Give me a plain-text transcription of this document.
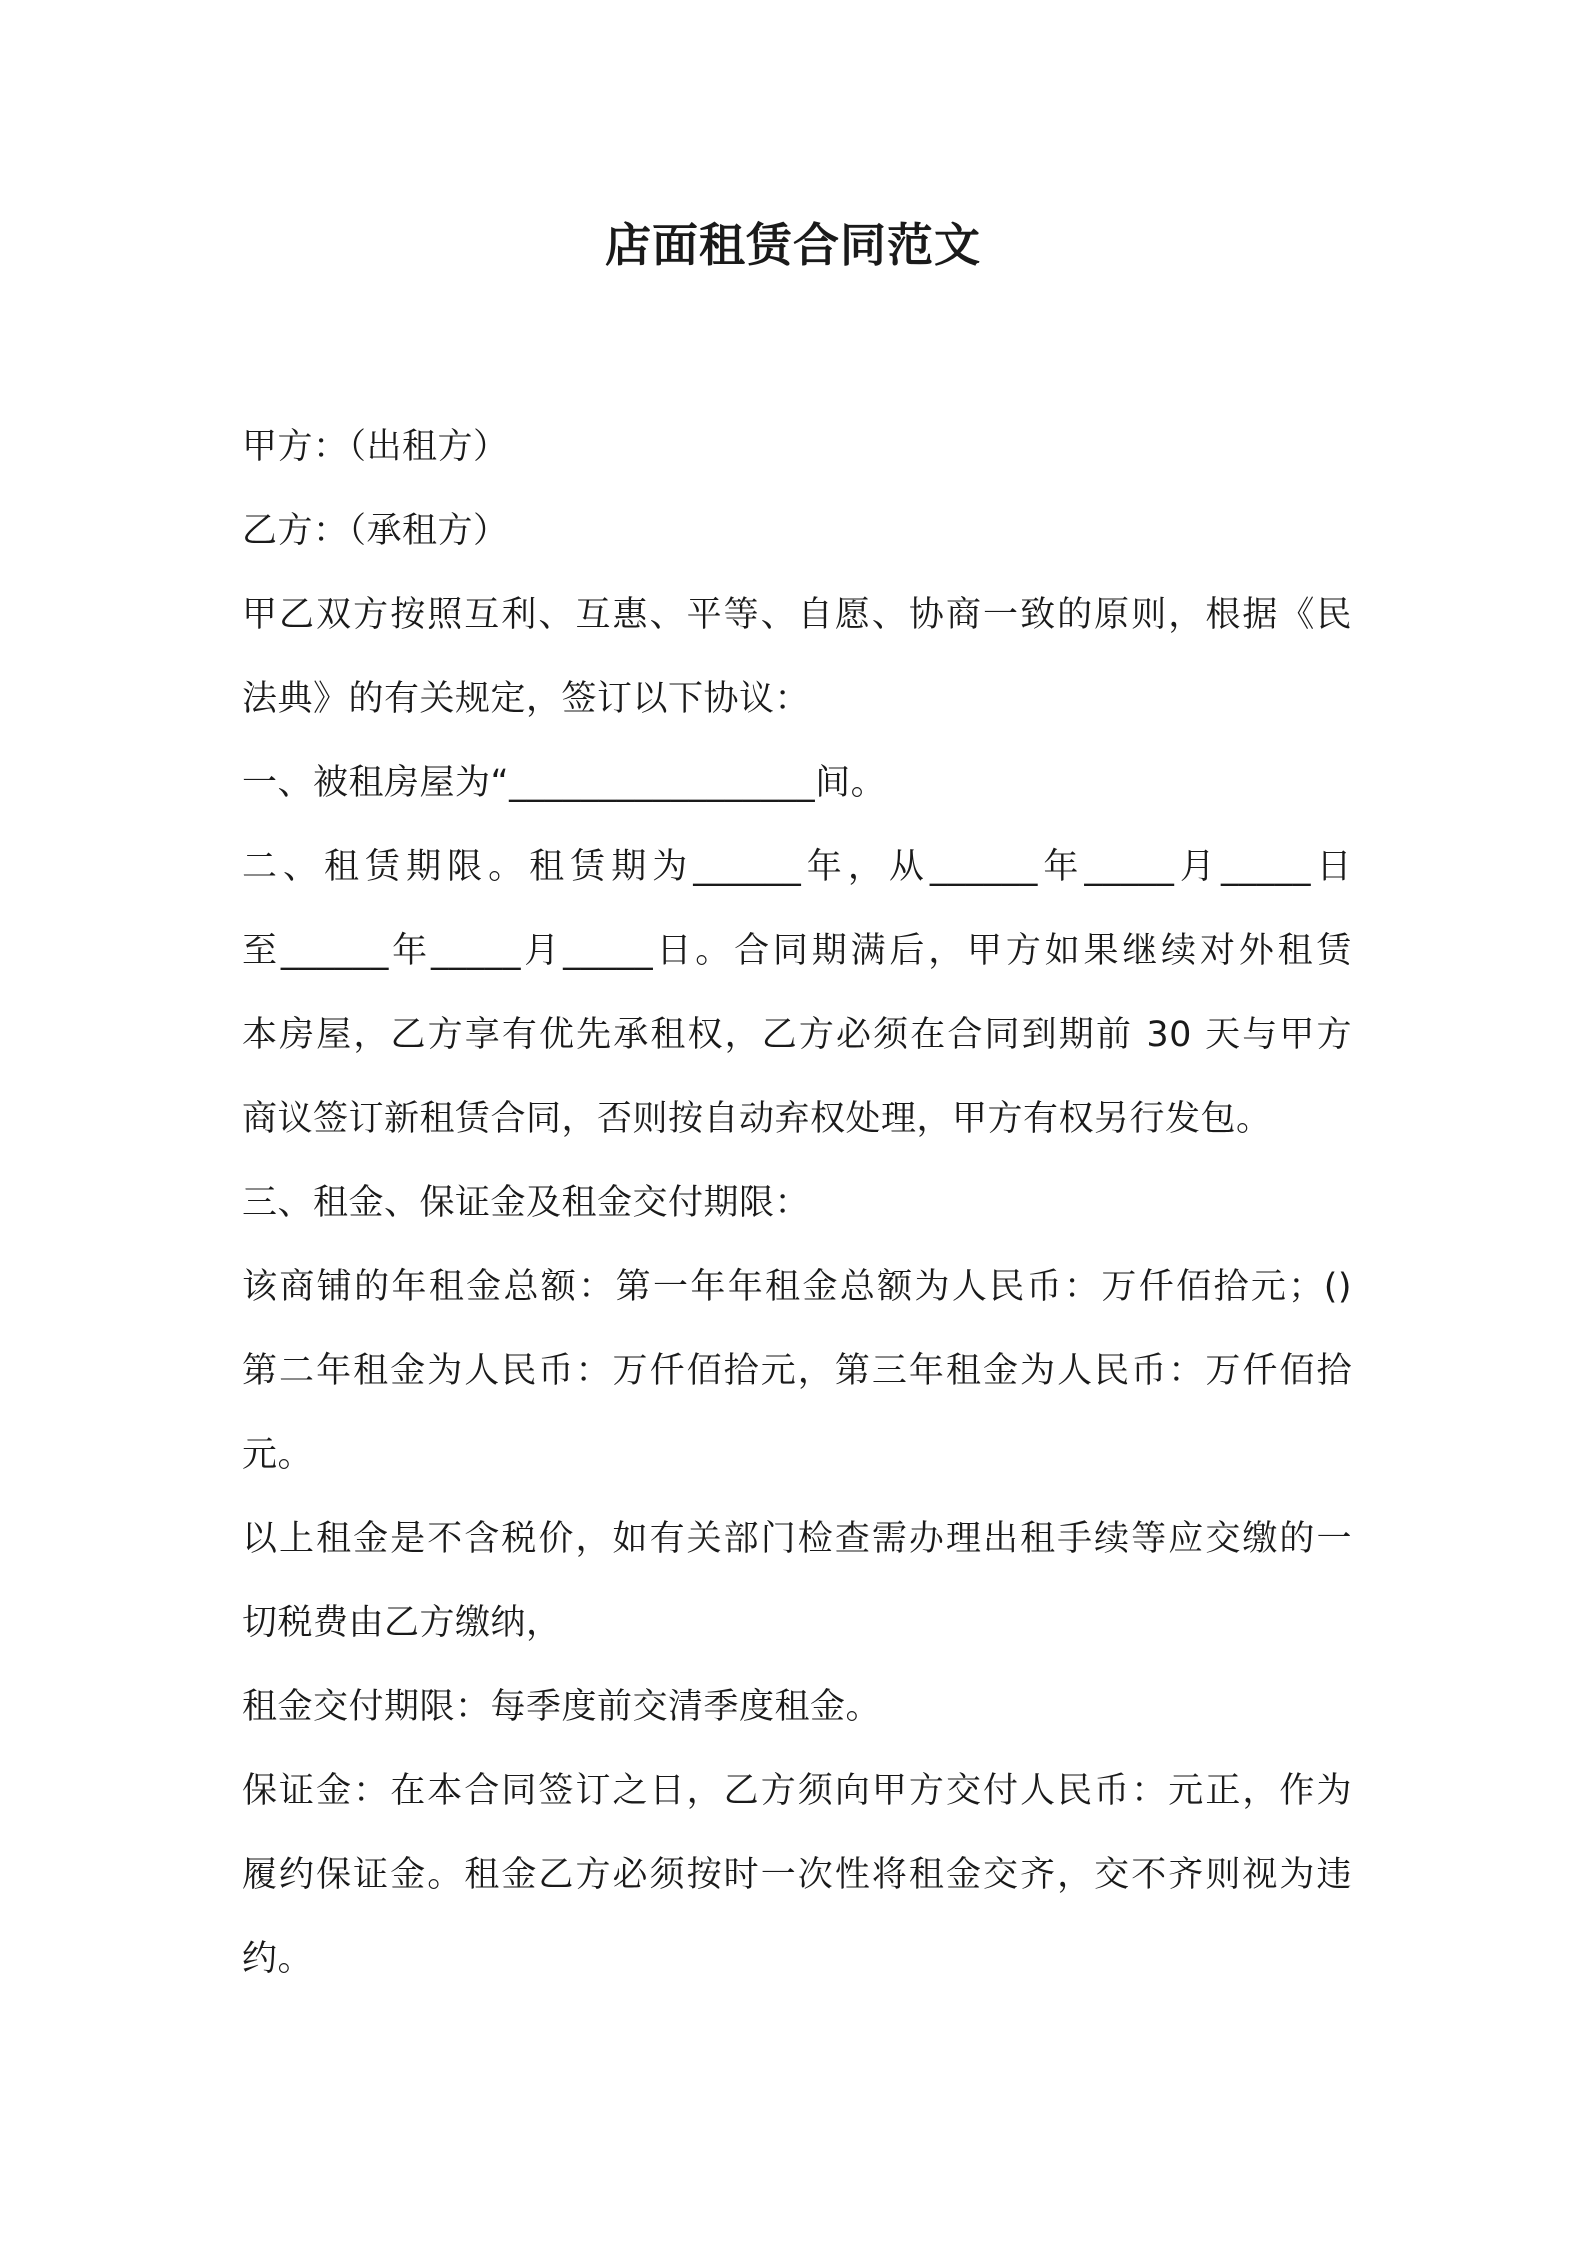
店面租赁合同范文

甲方：（出租方）

乙方：（承租方）

甲乙双方按照互利、互惠、平等、自愿、协商一致的原则，根据《民

法典》的有关规定，签订以下协议：

一、被租房屋为“_________________间。

二、租赁期限。租赁期为______年，从______年_____月_____日

至______年_____月_____日。合同期满后，甲方如果继续对外租赁

本房屋，乙方享有优先承租权，乙方必须在合同到期前 30 天与甲方

商议签订新租赁合同，否则按自动弃权处理，甲方有权另行发包。

三、租金、保证金及租金交付期限：

该商铺的年租金总额：第一年年租金总额为人民币：万仟佰拾元；()

第二年租金为人民币：万仟佰拾元，第三年租金为人民币：万仟佰拾

元。

以上租金是不含税价，如有关部门检查需办理出租手续等应交缴的一

切税费由乙方缴纳，

租金交付期限：每季度前交清季度租金。

保证金：在本合同签订之日，乙方须向甲方交付人民币：元正，作为

履约保证金。租金乙方必须按时一次性将租金交齐，交不齐则视为违

约。
